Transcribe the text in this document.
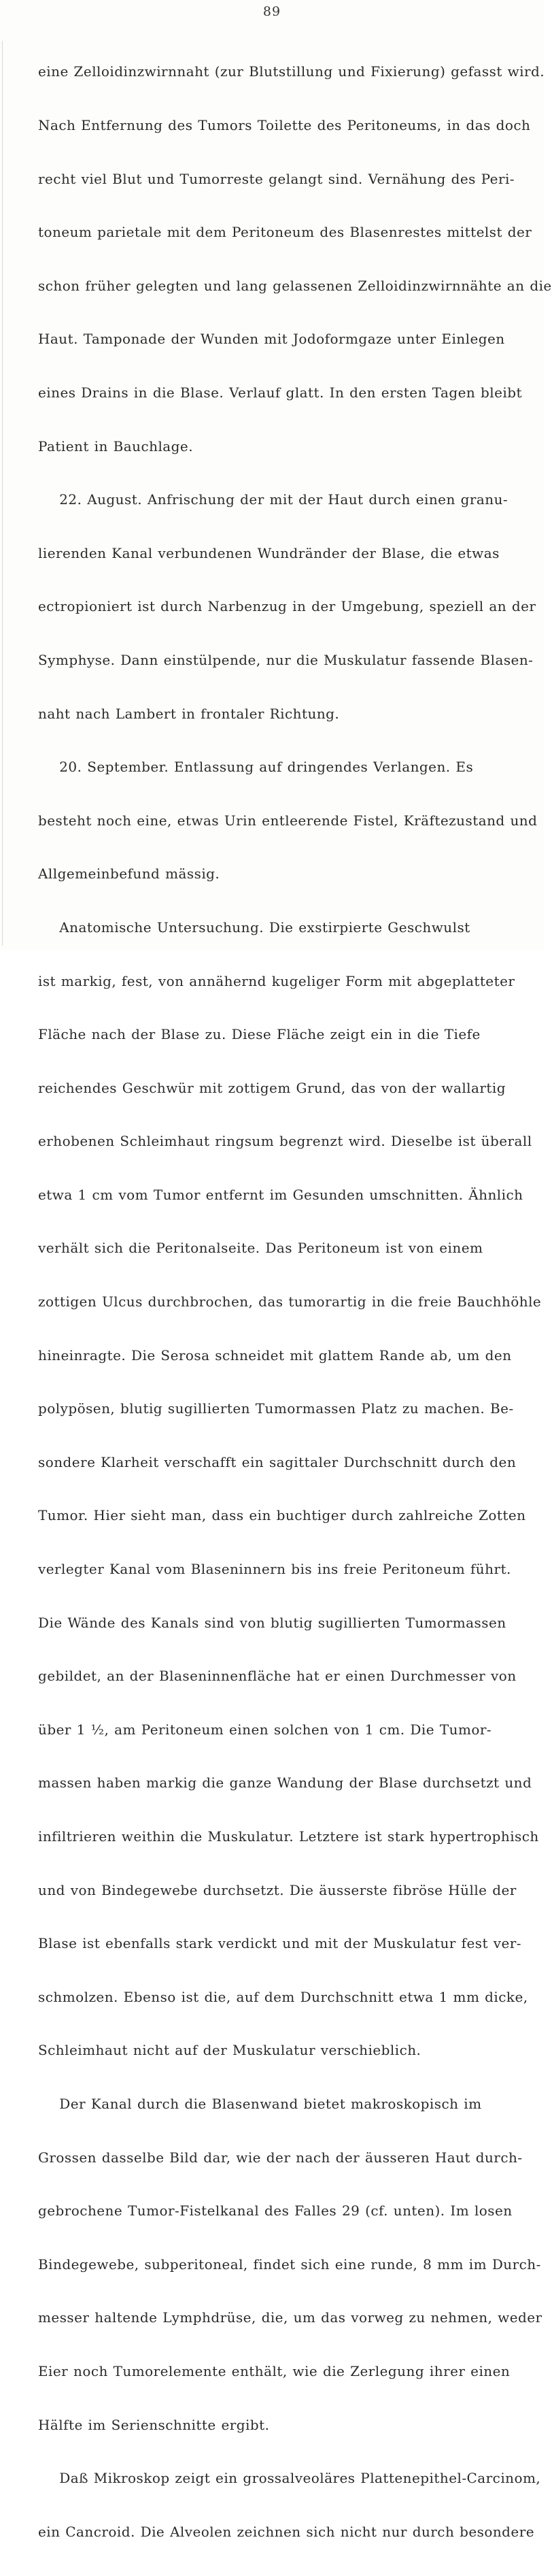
89

eine Zelloidinzwirnnaht (zur Blutstillung und Fixierung) gefasst wird.

Nach Entfernung des Tumors Toilette des Peritoneums, in das doch

recht viel Blut und Tumorreste gelangt sind. Vernähung des Peri-

toneum parietale mit dem Peritoneum des Blasenrestes mittelst der

schon früher gelegten und lang gelassenen Zelloidinzwirnnähte an die

Haut. Tamponade der Wunden mit Jodoformgaze unter Einlegen

eines Drains in die Blase. Verlauf glatt. In den ersten Tagen bleibt

Patient in Bauchlage.

22. August. Anfrischung der mit der Haut durch einen granu-

lierenden Kanal verbundenen Wundränder der Blase, die etwas

ectropioniert ist durch Narbenzug in der Umgebung, speziell an der

Symphyse. Dann einstülpende, nur die Muskulatur fassende Blasen-

naht nach Lambert in frontaler Richtung.

20. September. Entlassung auf dringendes Verlangen. Es

besteht noch eine, etwas Urin entleerende Fistel, Kräftezustand und

Allgemeinbefund mässig.

Anatomische Untersuchung. Die exstirpierte Geschwulst

ist markig, fest, von annähernd kugeliger Form mit abgeplatteter

Fläche nach der Blase zu. Diese Fläche zeigt ein in die Tiefe

reichendes Geschwür mit zottigem Grund, das von der wallartig

erhobenen Schleimhaut ringsum begrenzt wird. Dieselbe ist überall

etwa 1 cm vom Tumor entfernt im Gesunden umschnitten. Ähnlich

verhält sich die Peritonalseite. Das Peritoneum ist von einem

zottigen Ulcus durchbrochen, das tumorartig in die freie Bauchhöhle

hineinragte. Die Serosa schneidet mit glattem Rande ab, um den

polypösen, blutig sugillierten Tumormassen Platz zu machen. Be-

sondere Klarheit verschafft ein sagittaler Durchschnitt durch den

Tumor. Hier sieht man, dass ein buchtiger durch zahlreiche Zotten

verlegter Kanal vom Blaseninnern bis ins freie Peritoneum führt.

Die Wände des Kanals sind von blutig sugillierten Tumormassen

gebildet, an der Blaseninnenfläche hat er einen Durchmesser von

über 1 ½, am Peritoneum einen solchen von 1 cm. Die Tumor-

massen haben markig die ganze Wandung der Blase durchsetzt und

infiltrieren weithin die Muskulatur. Letztere ist stark hypertrophisch

und von Bindegewebe durchsetzt. Die äusserste fibröse Hülle der

Blase ist ebenfalls stark verdickt und mit der Muskulatur fest ver-

schmolzen. Ebenso ist die, auf dem Durchschnitt etwa 1 mm dicke,

Schleimhaut nicht auf der Muskulatur verschieblich.

Der Kanal durch die Blasenwand bietet makroskopisch im

Grossen dasselbe Bild dar, wie der nach der äusseren Haut durch-

gebrochene Tumor-Fistelkanal des Falles 29 (cf. unten). Im losen

Bindegewebe, subperitoneal, findet sich eine runde, 8 mm im Durch-

messer haltende Lymphdrüse, die, um das vorweg zu nehmen, weder

Eier noch Tumorelemente enthält, wie die Zerlegung ihrer einen

Hälfte im Serienschnitte ergibt.

Daß Mikroskop zeigt ein grossalveoläres Plattenepithel-Carcinom,

ein Cancroid. Die Alveolen zeichnen sich nicht nur durch besondere
